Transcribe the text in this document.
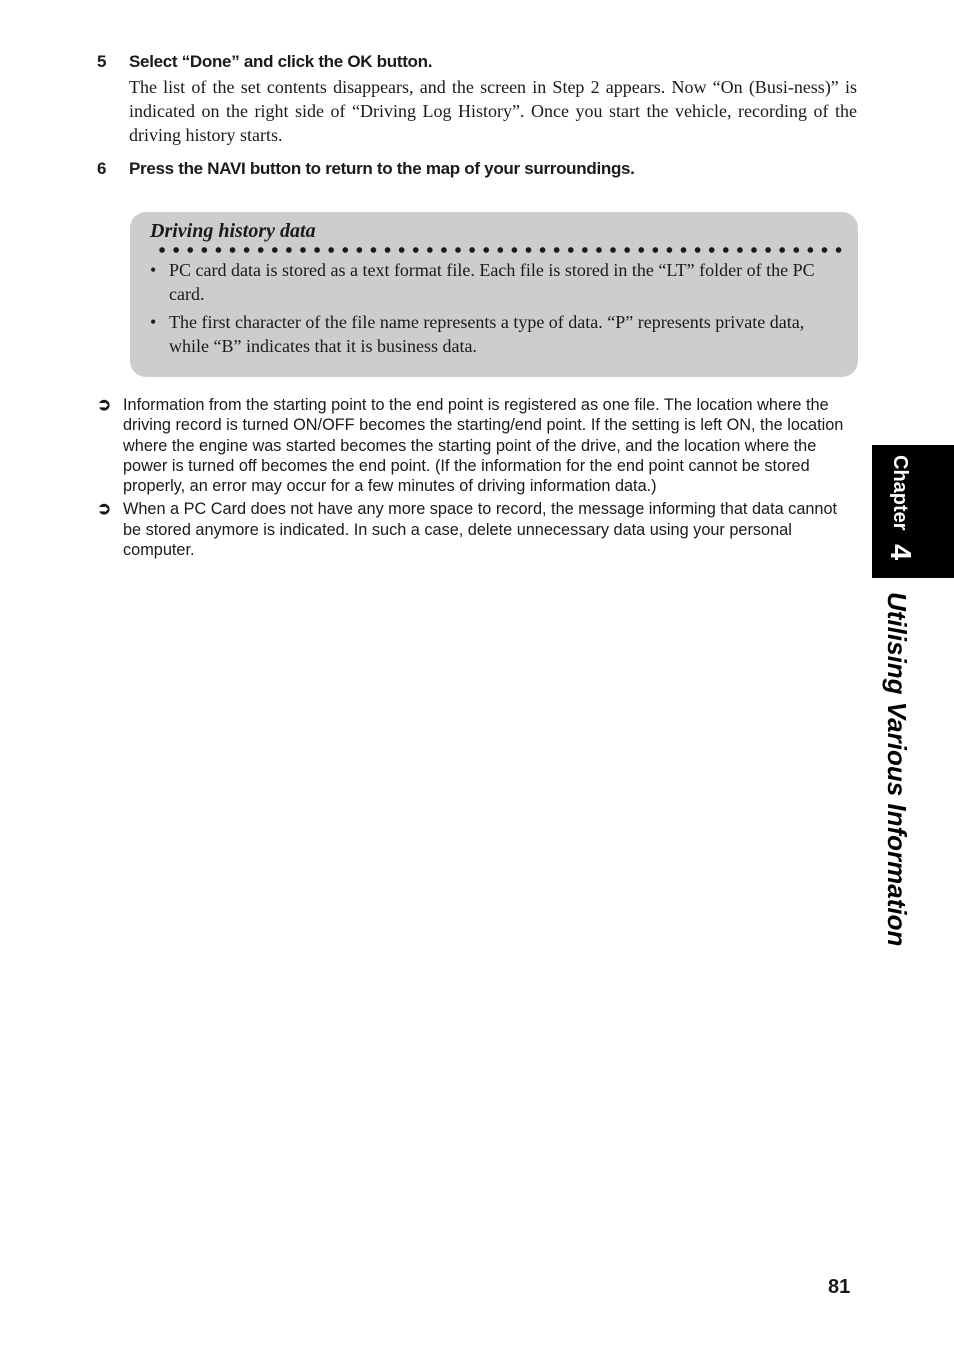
5	Select “Done” and click the OK button.
The list of the set contents disappears, and the screen in Step 2 appears. Now “On (Busi-ness)” is indicated on the right side of “Driving Log History”. Once you start the vehicle, recording of the driving history starts.
6	Press the NAVI button to return to the map of your surroundings.
Driving history data
• PC card data is stored as a text format file. Each file is stored in the “LT” folder of the PC card.
• The first character of the file name represents a type of data. “P” represents private data, while “B” indicates that it is business data.
➲ Information from the starting point to the end point is registered as one file. The location where the driving record is turned ON/OFF becomes the starting/end point. If the setting is left ON, the location where the engine was started becomes the starting point of the drive, and the location where the power is turned off becomes the end point. (If the information for the end point cannot be stored properly, an error may occur for a few minutes of driving information data.)
➲ When a PC Card does not have any more space to record, the message informing that data cannot be stored anymore is indicated. In such a case, delete unnecessary data using your personal computer.
Chapter 4
Utilising Various Information
81
